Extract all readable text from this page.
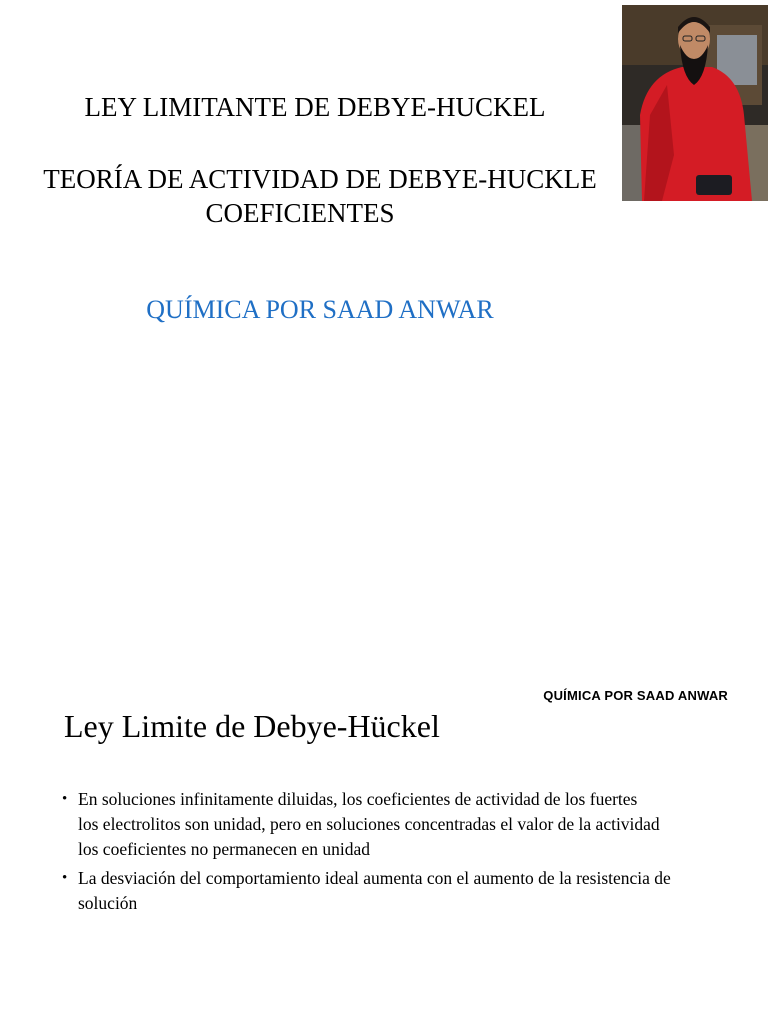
LEY LIMITANTE DE DEBYE-HUCKEL
TEORÍA DE ACTIVIDAD DE DEBYE-HUCKLE

COEFICIENTES

QUÍMICA POR SAAD ANWAR

QUÍMICA POR SAAD ANWAR
Ley Limite de Debye-Hückel
• En soluciones infinitamente diluidas, los coeficientes de actividad de los fuertes
los electrolitos son unidad, pero en soluciones concentradas el valor de la actividad
los coeficientes no permanecen en unidad
• La desviación del comportamiento ideal aumenta con el aumento de la resistencia de
solución
